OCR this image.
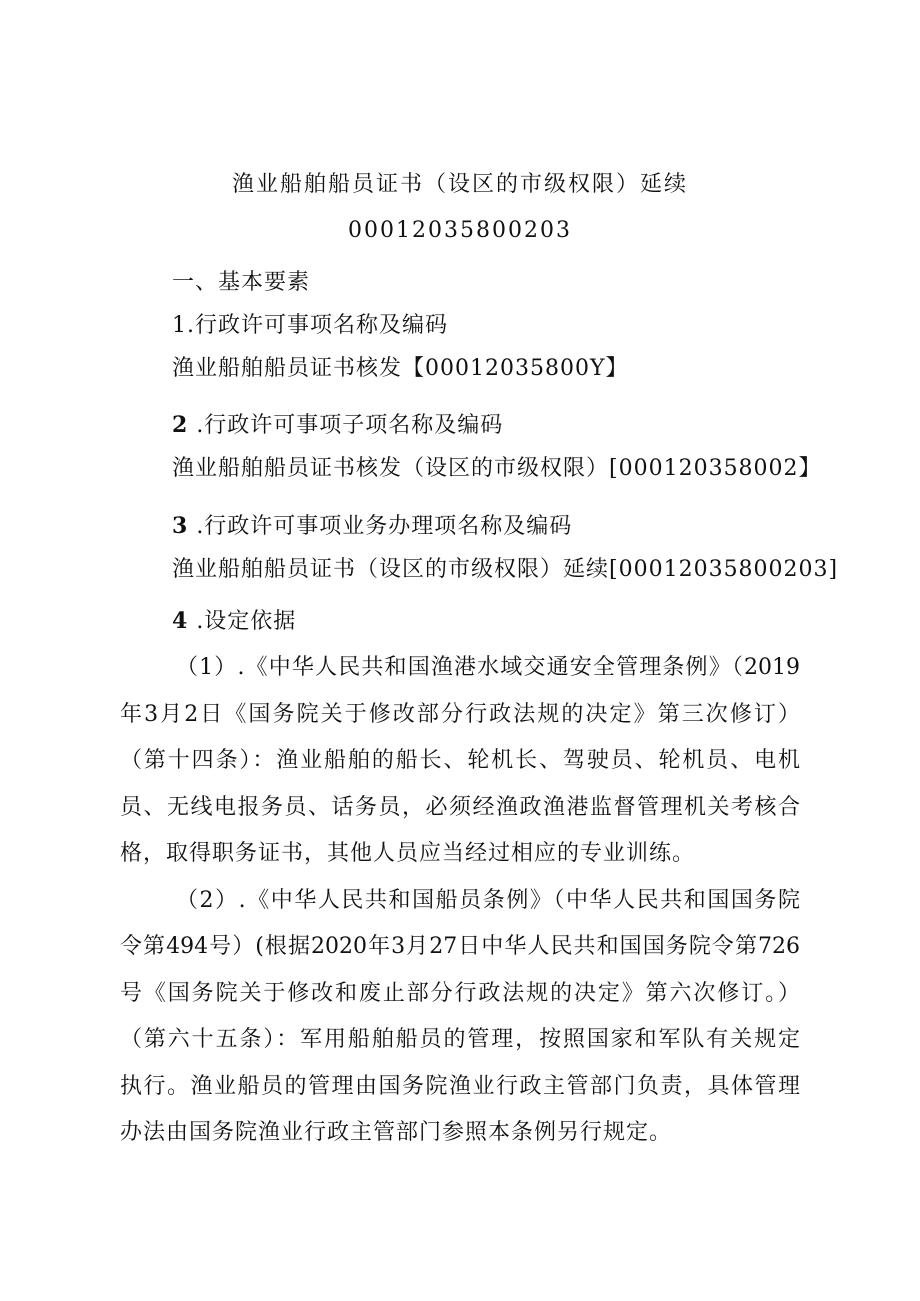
渔业船舶船员证书（设区的市级权限）延续
00012035800203
一、基本要素
1.行政许可事项名称及编码
渔业船舶船员证书核发【00012035800Y】
2 .行政许可事项子项名称及编码
渔业船舶船员证书核发（设区的市级权限）[000120358002】
3 .行政许可事项业务办理项名称及编码
渔业船舶船员证书（设区的市级权限）延续[00012035800203]
4 .设定依据
（1）.《中华人民共和国渔港水域交通安全管理条例》（2019
年3月2日《国务院关于修改部分行政法规的决定》第三次修订）
（第十四条）：渔业船舶的船长、轮机长、驾驶员、轮机员、电机
员、无线电报务员、话务员，必须经渔政渔港监督管理机关考核合
格，取得职务证书，其他人员应当经过相应的专业训练。
（2）.《中华人民共和国船员条例》（中华人民共和国国务院
令第494号）(根据2020年3月27日中华人民共和国国务院令第726
号《国务院关于修改和废止部分行政法规的决定》第六次修订。）
（第六十五条）：军用船舶船员的管理，按照国家和军队有关规定
执行。渔业船员的管理由国务院渔业行政主管部门负责，具体管理
办法由国务院渔业行政主管部门参照本条例另行规定。
